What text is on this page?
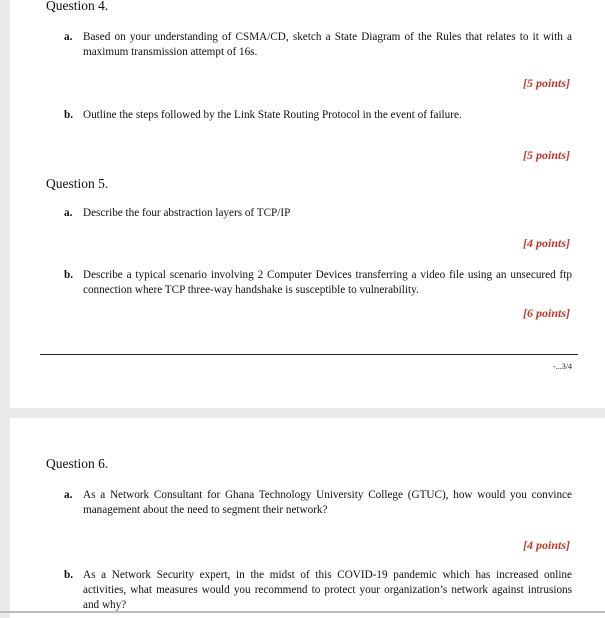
Question 4.
a. Based on your understanding of CSMA/CD, sketch a State Diagram of the Rules that relates to it with a maximum transmission attempt of 16s.
[5 points]
b. Outline the steps followed by the Link State Routing Protocol in the event of failure.
[5 points]
Question 5.
a. Describe the four abstraction layers of TCP/IP
[4 points]
b. Describe a typical scenario involving 2 Computer Devices transferring a video file using an unsecured ftp connection where TCP three-way handshake is susceptible to vulnerability.
[6 points]
-...3/4
Question 6.
a. As a Network Consultant for Ghana Technology University College (GTUC), how would you convince management about the need to segment their network?
[4 points]
b. As a Network Security expert, in the midst of this COVID-19 pandemic which has increased online activities, what measures would you recommend to protect your organization’s network against intrusions and why?
